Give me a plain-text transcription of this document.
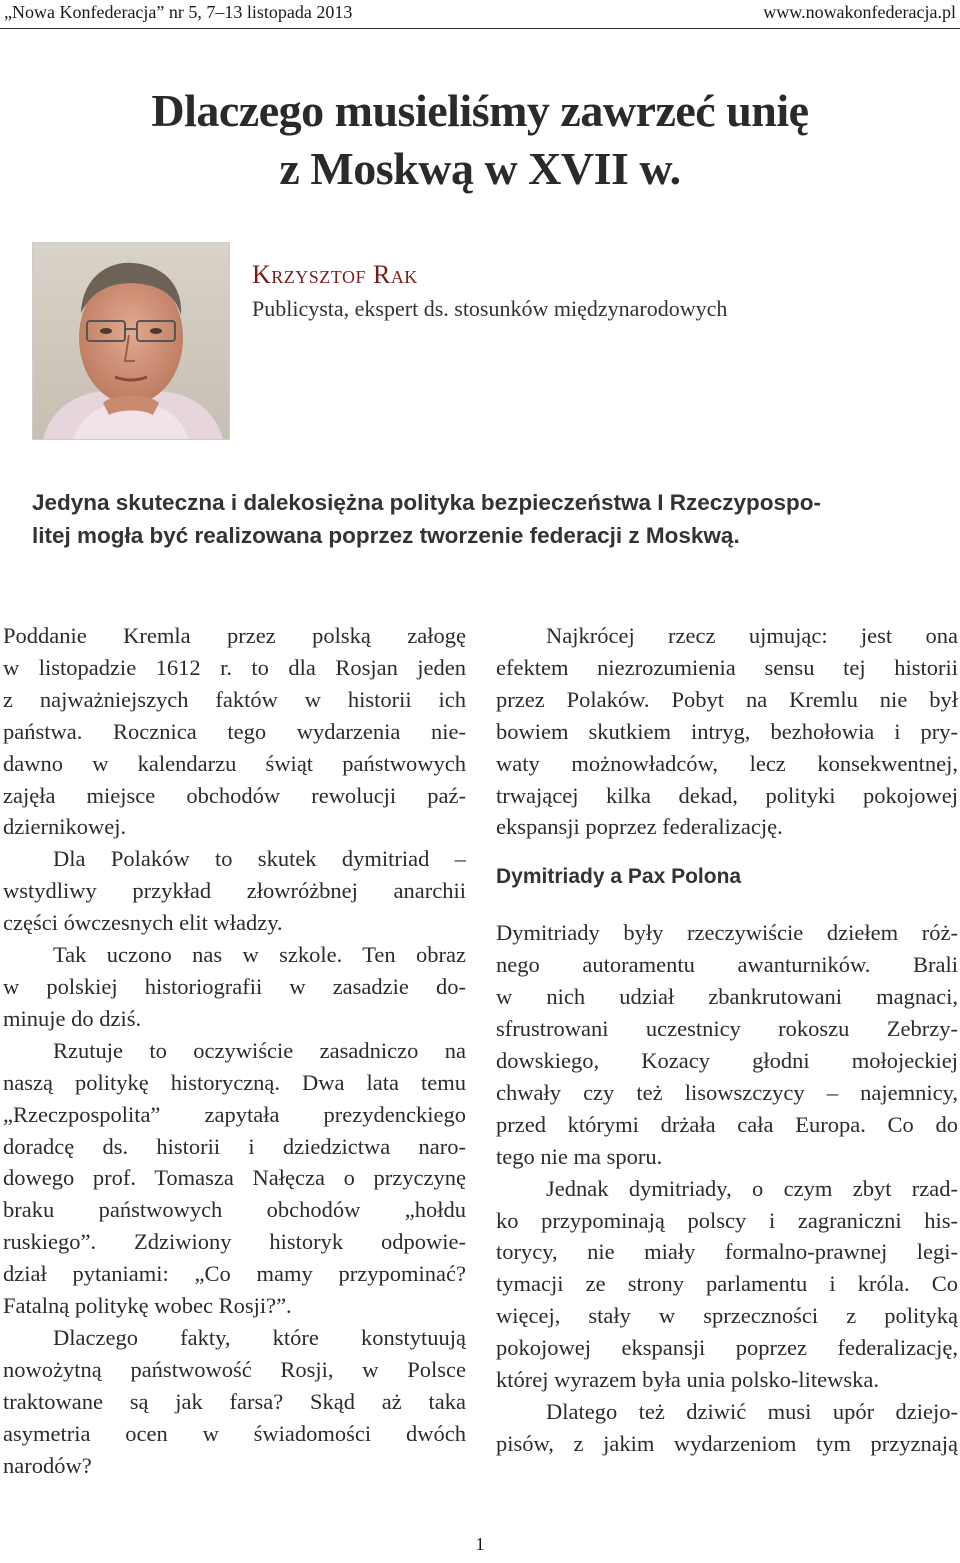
„Nowa Konfederacja” nr 5, 7–13 listopada 2013	www.nowakonfederacja.pl
Dlaczego musieliśmy zawrzeć unię
z Moskwą w XVII w.
Krzysztof Rak
Publicysta, ekspert ds. stosunków międzynarodowych
Jedyna skuteczna i dalekosiężna polityka bezpieczeństwa I Rzeczypospo-
litej mogła być realizowana poprzez tworzenie federacji z Moskwą.
Poddanie Kremla przez polską załogę
w listopadzie 1612 r. to dla Rosjan jeden
z najważniejszych faktów w historii ich
państwa. Rocznica tego wydarzenia nie-
dawno w kalendarzu świąt państwowych
zajęła miejsce obchodów rewolucji paź-
dziernikowej.
Dla Polaków to skutek dymitriad –
wstydliwy przykład złowróżbnej anarchii
części ówczesnych elit władzy.
Tak uczono nas w szkole. Ten obraz
w polskiej historiografii w zasadzie do-
minuje do dziś.
Rzutuje to oczywiście zasadniczo na
naszą politykę historyczną. Dwa lata temu
„Rzeczpospolita” zapytała prezydenckiego
doradcę ds. historii i dziedzictwa naro-
dowego prof. Tomasza Nałęcza o przyczynę
braku państwowych obchodów „hołdu
ruskiego”. Zdziwiony historyk odpowie-
dział pytaniami: „Co mamy przypominać?
Fatalną politykę wobec Rosji?”.
Dlaczego fakty, które konstytuują
nowożytną państwowość Rosji, w Polsce
traktowane są jak farsa? Skąd aż taka
asymetria ocen w świadomości dwóch
narodów?
Najkrócej rzecz ujmując: jest ona
efektem niezrozumienia sensu tej historii
przez Polaków. Pobyt na Kremlu nie był
bowiem skutkiem intryg, bezhołowia i pry-
waty możnowładców, lecz konsekwentnej,
trwającej kilka dekad, polityki pokojowej
ekspansji poprzez federalizację.
Dymitriady a Pax Polona
Dymitriady były rzeczywiście dziełem róż-
nego autoramentu awanturników. Brali
w nich udział zbankrutowani magnaci,
sfrustrowani uczestnicy rokoszu Zebrzy-
dowskiego, Kozacy głodni mołojeckiej
chwały czy też lisowszczycy – najemnicy,
przed którymi drżała cała Europa. Co do
tego nie ma sporu.
Jednak dymitriady, o czym zbyt rzad-
ko przypominają polscy i zagraniczni his-
torycy, nie miały formalno-prawnej legi-
tymacji ze strony parlamentu i króla. Co
więcej, stały w sprzeczności z polityką
pokojowej ekspansji poprzez federalizację,
której wyrazem była unia polsko-litewska.
Dlatego też dziwić musi upór dziejo-
pisów, z jakim wydarzeniom tym przyznają
1
